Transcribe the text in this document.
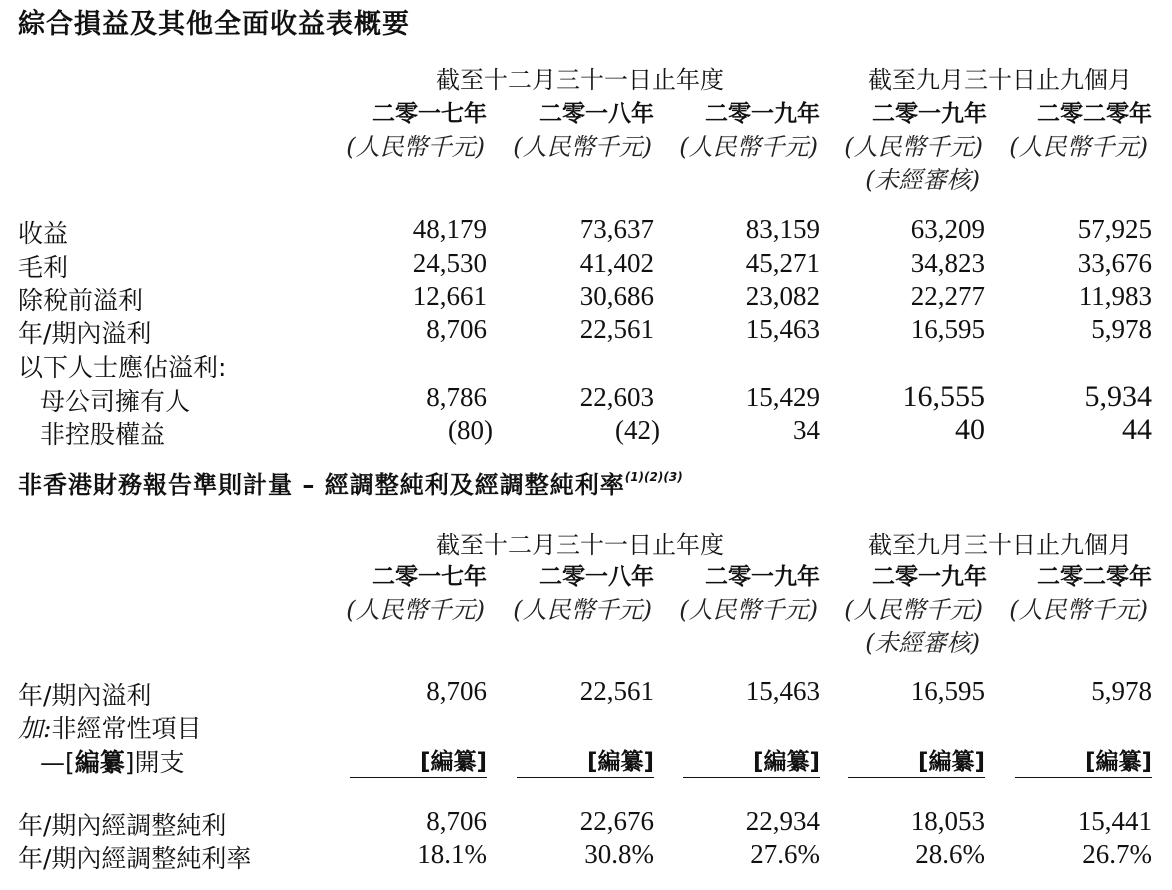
綜合損益及其他全面收益表概要
截至十二月三十一日止年度	截至九月三十日止九個月
二零一七年	二零一八年	二零一九年	二零一九年	二零二零年
(人民幣千元)	(人民幣千元)	(人民幣千元)	(人民幣千元)	(人民幣千元)
(未經審核)
收益	48,179	73,637	83,159	63,209	57,925
毛利	24,530	41,402	45,271	34,823	33,676
除稅前溢利	12,661	30,686	23,082	22,277	11,983
年/期內溢利	8,706	22,561	15,463	16,595	5,978
以下人士應佔溢利:
母公司擁有人	8,786	22,603	15,429	16,555	5,934
非控股權益	(80)	(42)	34	40	44
非香港財務報告準則計量 – 經調整純利及經調整純利率$^{(1)(2)(3)}$
截至十二月三十一日止年度	截至九月三十日止九個月
二零一七年	二零一八年	二零一九年	二零一九年	二零二零年
(人民幣千元)	(人民幣千元)	(人民幣千元)	(人民幣千元)	(人民幣千元)
(未經審核)
年/期內溢利	8,706	22,561	15,463	16,595	5,978
加:非經常性項目
—[編纂]開支	[編纂]	[編纂]	[編纂]	[編纂]	[編纂]
年/期內經調整純利	8,706	22,676	22,934	18,053	15,441
年/期內經調整純利率	18.1%	30.8%	27.6%	28.6%	26.7%
